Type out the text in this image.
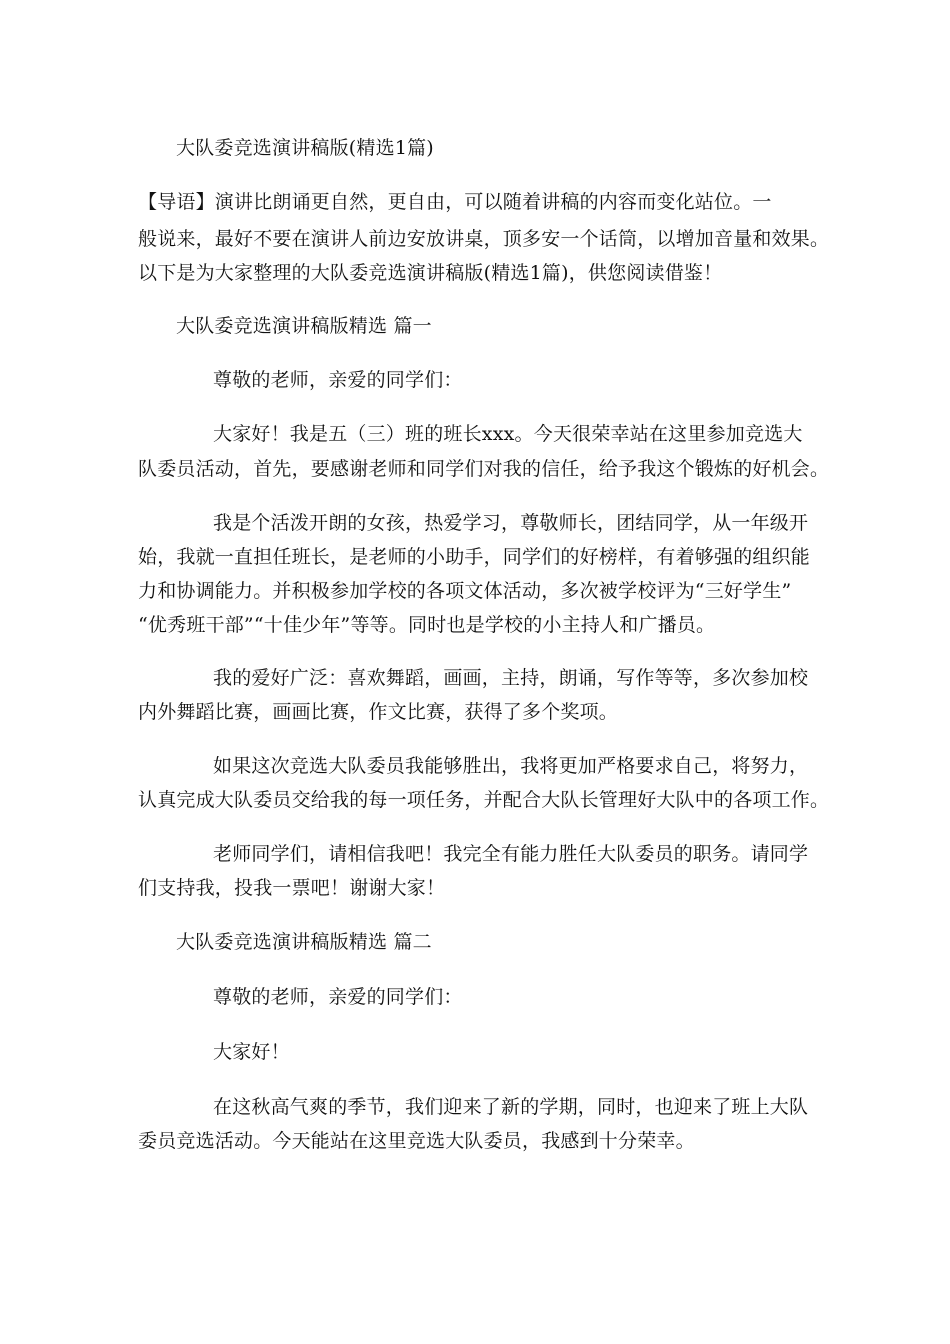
大队委竞选演讲稿版(精选1篇)
【导语】演讲比朗诵更自然，更自由，可以随着讲稿的内容而变化站位。一
般说来，最好不要在演讲人前边安放讲桌，顶多安一个话筒，以增加音量和效果。
以下是为大家整理的大队委竞选演讲稿版(精选1篇)，供您阅读借鉴！
大队委竞选演讲稿版精选 篇一
尊敬的老师，亲爱的同学们：
大家好！我是五（三）班的班长xxx。今天很荣幸站在这里参加竞选大
队委员活动，首先，要感谢老师和同学们对我的信任，给予我这个锻炼的好机会。
我是个活泼开朗的女孩，热爱学习，尊敬师长，团结同学，从一年级开
始，我就一直担任班长，是老师的小助手，同学们的好榜样，有着够强的组织能
力和协调能力。并积极参加学校的各项文体活动，多次被学校评为“三好学生”
“优秀班干部”“十佳少年”等等。同时也是学校的小主持人和广播员。
我的爱好广泛：喜欢舞蹈，画画，主持，朗诵，写作等等，多次参加校
内外舞蹈比赛，画画比赛，作文比赛，获得了多个奖项。
如果这次竞选大队委员我能够胜出，我将更加严格要求自己，将努力，
认真完成大队委员交给我的每一项任务，并配合大队长管理好大队中的各项工作。
老师同学们，请相信我吧！我完全有能力胜任大队委员的职务。请同学
们支持我，投我一票吧！谢谢大家！
大队委竞选演讲稿版精选 篇二
尊敬的老师，亲爱的同学们：
大家好！
在这秋高气爽的季节，我们迎来了新的学期，同时，也迎来了班上大队
委员竞选活动。今天能站在这里竞选大队委员，我感到十分荣幸。
